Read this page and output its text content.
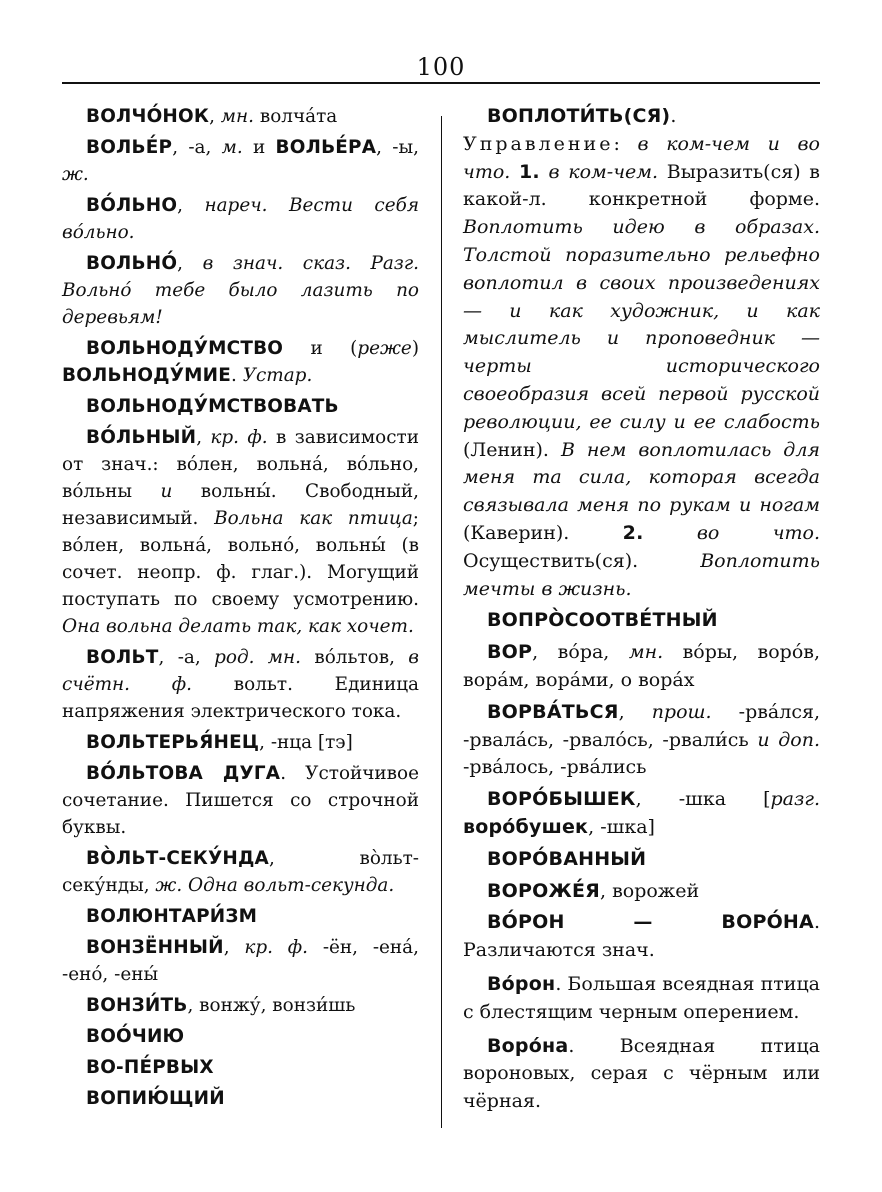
100

ВОЛЧО́НОК, мн. волча́та

ВОЛЬЕ́Р, -а, м. и ВОЛЬЕ́РА, -ы, ж.

ВО́ЛЬНО, нареч. Вести себя во́льно.

ВОЛЬНО́, в знач. сказ. Разг. Вольно́ тебе было лазить по деревьям!

ВОЛЬНОДУ́МСТВО и (реже) ВОЛЬНОДУ́МИЕ. Устар.

ВОЛЬНОДУ́МСТВОВАТЬ

ВО́ЛЬНЫЙ, кр. ф. в зависимости от знач.: во́лен, вольна́, во́льно, во́льны и вольны́. Свободный, независимый. Вольна как птица; во́лен, вольна́, вольно́, вольны́ (в сочет. неопр. ф. глаг.). Могущий поступать по своему усмотрению. Она вольна делать так, как хочет.

ВОЛЬТ, -а, род. мн. во́льтов, в счётн. ф. вольт. Единица напряжения электрического тока.

ВОЛЬТЕРЬЯ́НЕЦ, -нца [тэ]

ВО́ЛЬТОВА ДУГА. Устойчивое сочетание. Пишется со строчной буквы.

ВО̀ЛЬТ-СЕКУ́НДА, во̀льт-секу́нды, ж. Одна вольт-секунда.

ВОЛЮНТАРИ́ЗМ

ВОНЗЁННЫЙ, кр. ф. -ён, -ена́, -ено́, -ены́

ВОНЗИ́ТЬ, вонжу́, вонзи́шь

ВОО́ЧИЮ

ВО-ПЕ́РВЫХ

ВОПИЮ́ЩИЙ

ВОПЛОТИ́ТЬ(СЯ). Управление: в ком-чем и во что. 1. в ком-чем. Выразить(ся) в какой-л. конкретной форме. Воплотить идею в образах. Толстой поразительно рельефно воплотил в своих произведениях — и как художник, и как мыслитель и проповедник — черты исторического своеобразия всей первой русской революции, ее силу и ее слабость (Ленин). В нем воплотилась для меня та сила, которая всегда связывала меня по рукам и ногам (Каверин). 2.	во что. Осуществить(ся). Воплотить мечты в жизнь.

ВОПРО̀СООТВЕ́ТНЫЙ

ВОР, во́ра, мн. во́ры, воро́в, вора́м, вора́ми, о вора́х

ВОРВА́ТЬСЯ, прош. -рва́лся, -рвала́сь, -рвало́сь, -рвали́сь и доп. -рва́лось, -рва́лись

ВОРО́БЫШЕК, -шка [разг. воро́бушек, -шка]

ВОРО́ВАННЫЙ

ВОРОЖЕ́Я, ворожей

ВО́РОН — ВОРО́НА. Различаются знач.

Во́рон. Большая всеядная птица с блестящим черным оперением.

Воро́на. Всеядная птица вороновых, серая с чёрным или чёрная.
